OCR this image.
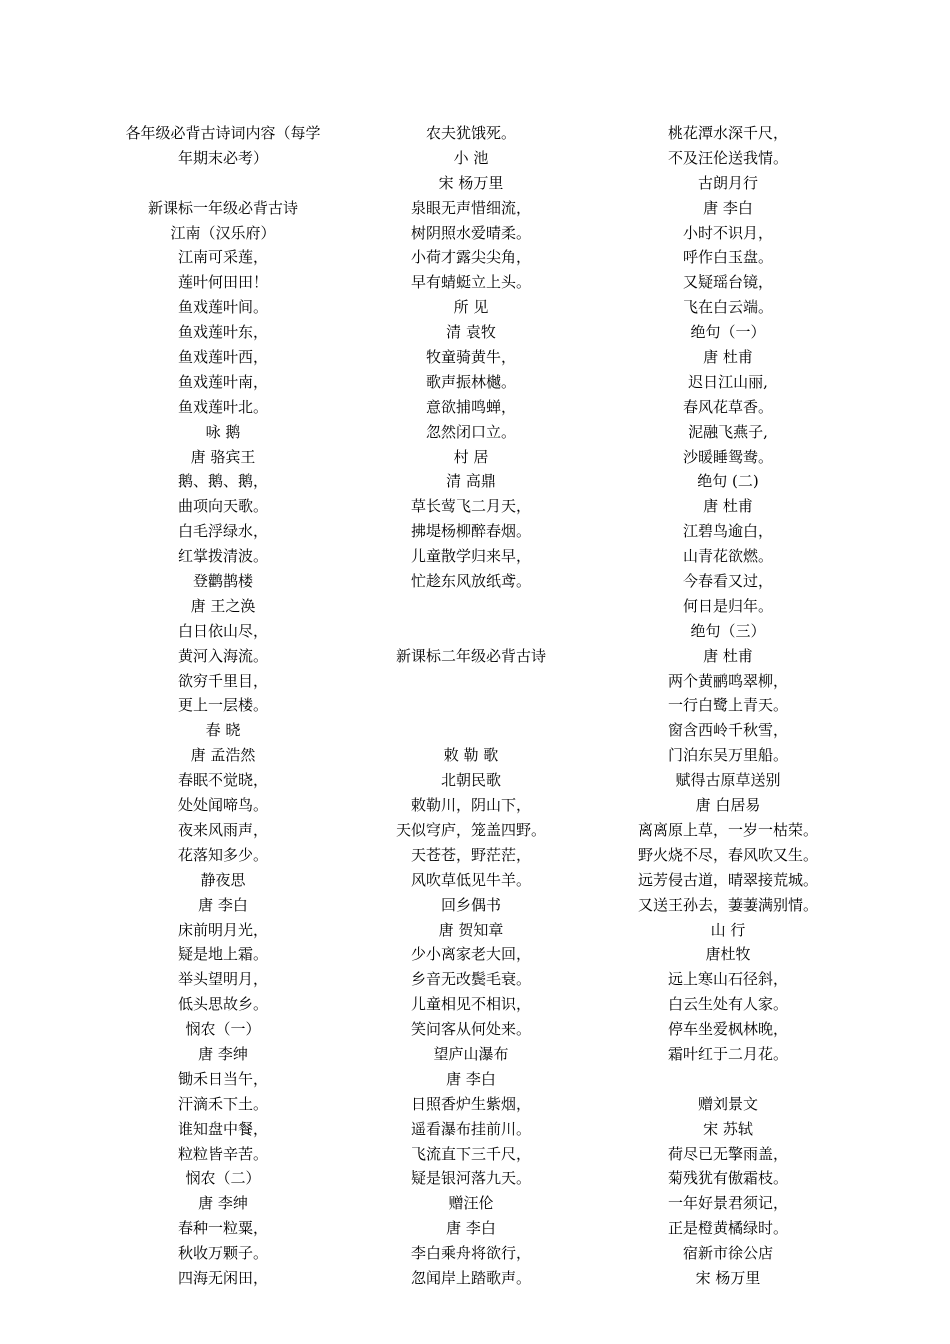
各年级必背古诗词内容（每学
年期末必考）
新课标一年级必背古诗
江南（汉乐府）
江南可采莲，
莲叶何田田！
鱼戏莲叶间。
鱼戏莲叶东，
鱼戏莲叶西，
鱼戏莲叶南，
鱼戏莲叶北。
咏 鹅
唐 骆宾王
鹅、鹅、鹅，
曲项向天歌。
白毛浮绿水，
红掌拨清波。
登鹳鹊楼
唐 王之涣
白日依山尽，
黄河入海流。
欲穷千里目，
更上一层楼。
春 晓
唐 孟浩然
春眠不觉晓，
处处闻啼鸟。
夜来风雨声，
花落知多少。
静夜思
唐 李白
床前明月光，
疑是地上霜。
举头望明月，
低头思故乡。
悯农（一）
唐 李绅
锄禾日当午，
汗滴禾下土。
谁知盘中餐，
粒粒皆辛苦。
悯农（二）
唐 李绅
春种一粒粟，
秋收万颗子。
四海无闲田，
农夫犹饿死。
小 池
宋 杨万里
泉眼无声惜细流，
树阴照水爱晴柔。
小荷才露尖尖角，
早有蜻蜓立上头。
所 见
清 袁牧
牧童骑黄牛，
歌声振林樾。
意欲捕鸣蝉，
忽然闭口立。
村 居
清 高鼎
草长莺飞二月天，
拂堤杨柳醉春烟。
儿童散学归来早，
忙趁东风放纸鸢。
新课标二年级必背古诗
敕 勒 歌
北朝民歌
敕勒川，阴山下，
天似穹庐，笼盖四野。
天苍苍，野茫茫，
风吹草低见牛羊。
回乡偶书
唐 贺知章
少小离家老大回，
乡音无改鬓毛衰。
儿童相见不相识，
笑问客从何处来。
望庐山瀑布
唐 李白
日照香炉生紫烟，
遥看瀑布挂前川。
飞流直下三千尺，
疑是银河落九天。
赠汪伦
唐 李白
李白乘舟将欲行，
忽闻岸上踏歌声。
桃花潭水深千尺，
不及汪伦送我情。
古朗月行
唐 李白
小时不识月，
呼作白玉盘。
又疑瑶台镜，
飞在白云端。
绝句（一）
唐 杜甫
迟日江山丽,
春风花草香。
泥融飞燕子,
沙暖睡鸳鸯。
绝句 (二)
唐 杜甫
江碧鸟逾白，
山青花欲燃。
今春看又过，
何日是归年。
绝句（三）
唐 杜甫
两个黄鹂鸣翠柳，
一行白鹭上青天。
窗含西岭千秋雪，
门泊东吴万里船。
赋得古原草送别
唐 白居易
离离原上草，一岁一枯荣。
野火烧不尽，春风吹又生。
远芳侵古道，晴翠接荒城。
又送王孙去，萋萋满别情。
山 行
唐杜牧
远上寒山石径斜，
白云生处有人家。
停车坐爱枫林晚，
霜叶红于二月花。
赠刘景文
宋 苏轼
荷尽已无擎雨盖，
菊残犹有傲霜枝。
一年好景君须记，
正是橙黄橘绿时。
宿新市徐公店
宋 杨万里
